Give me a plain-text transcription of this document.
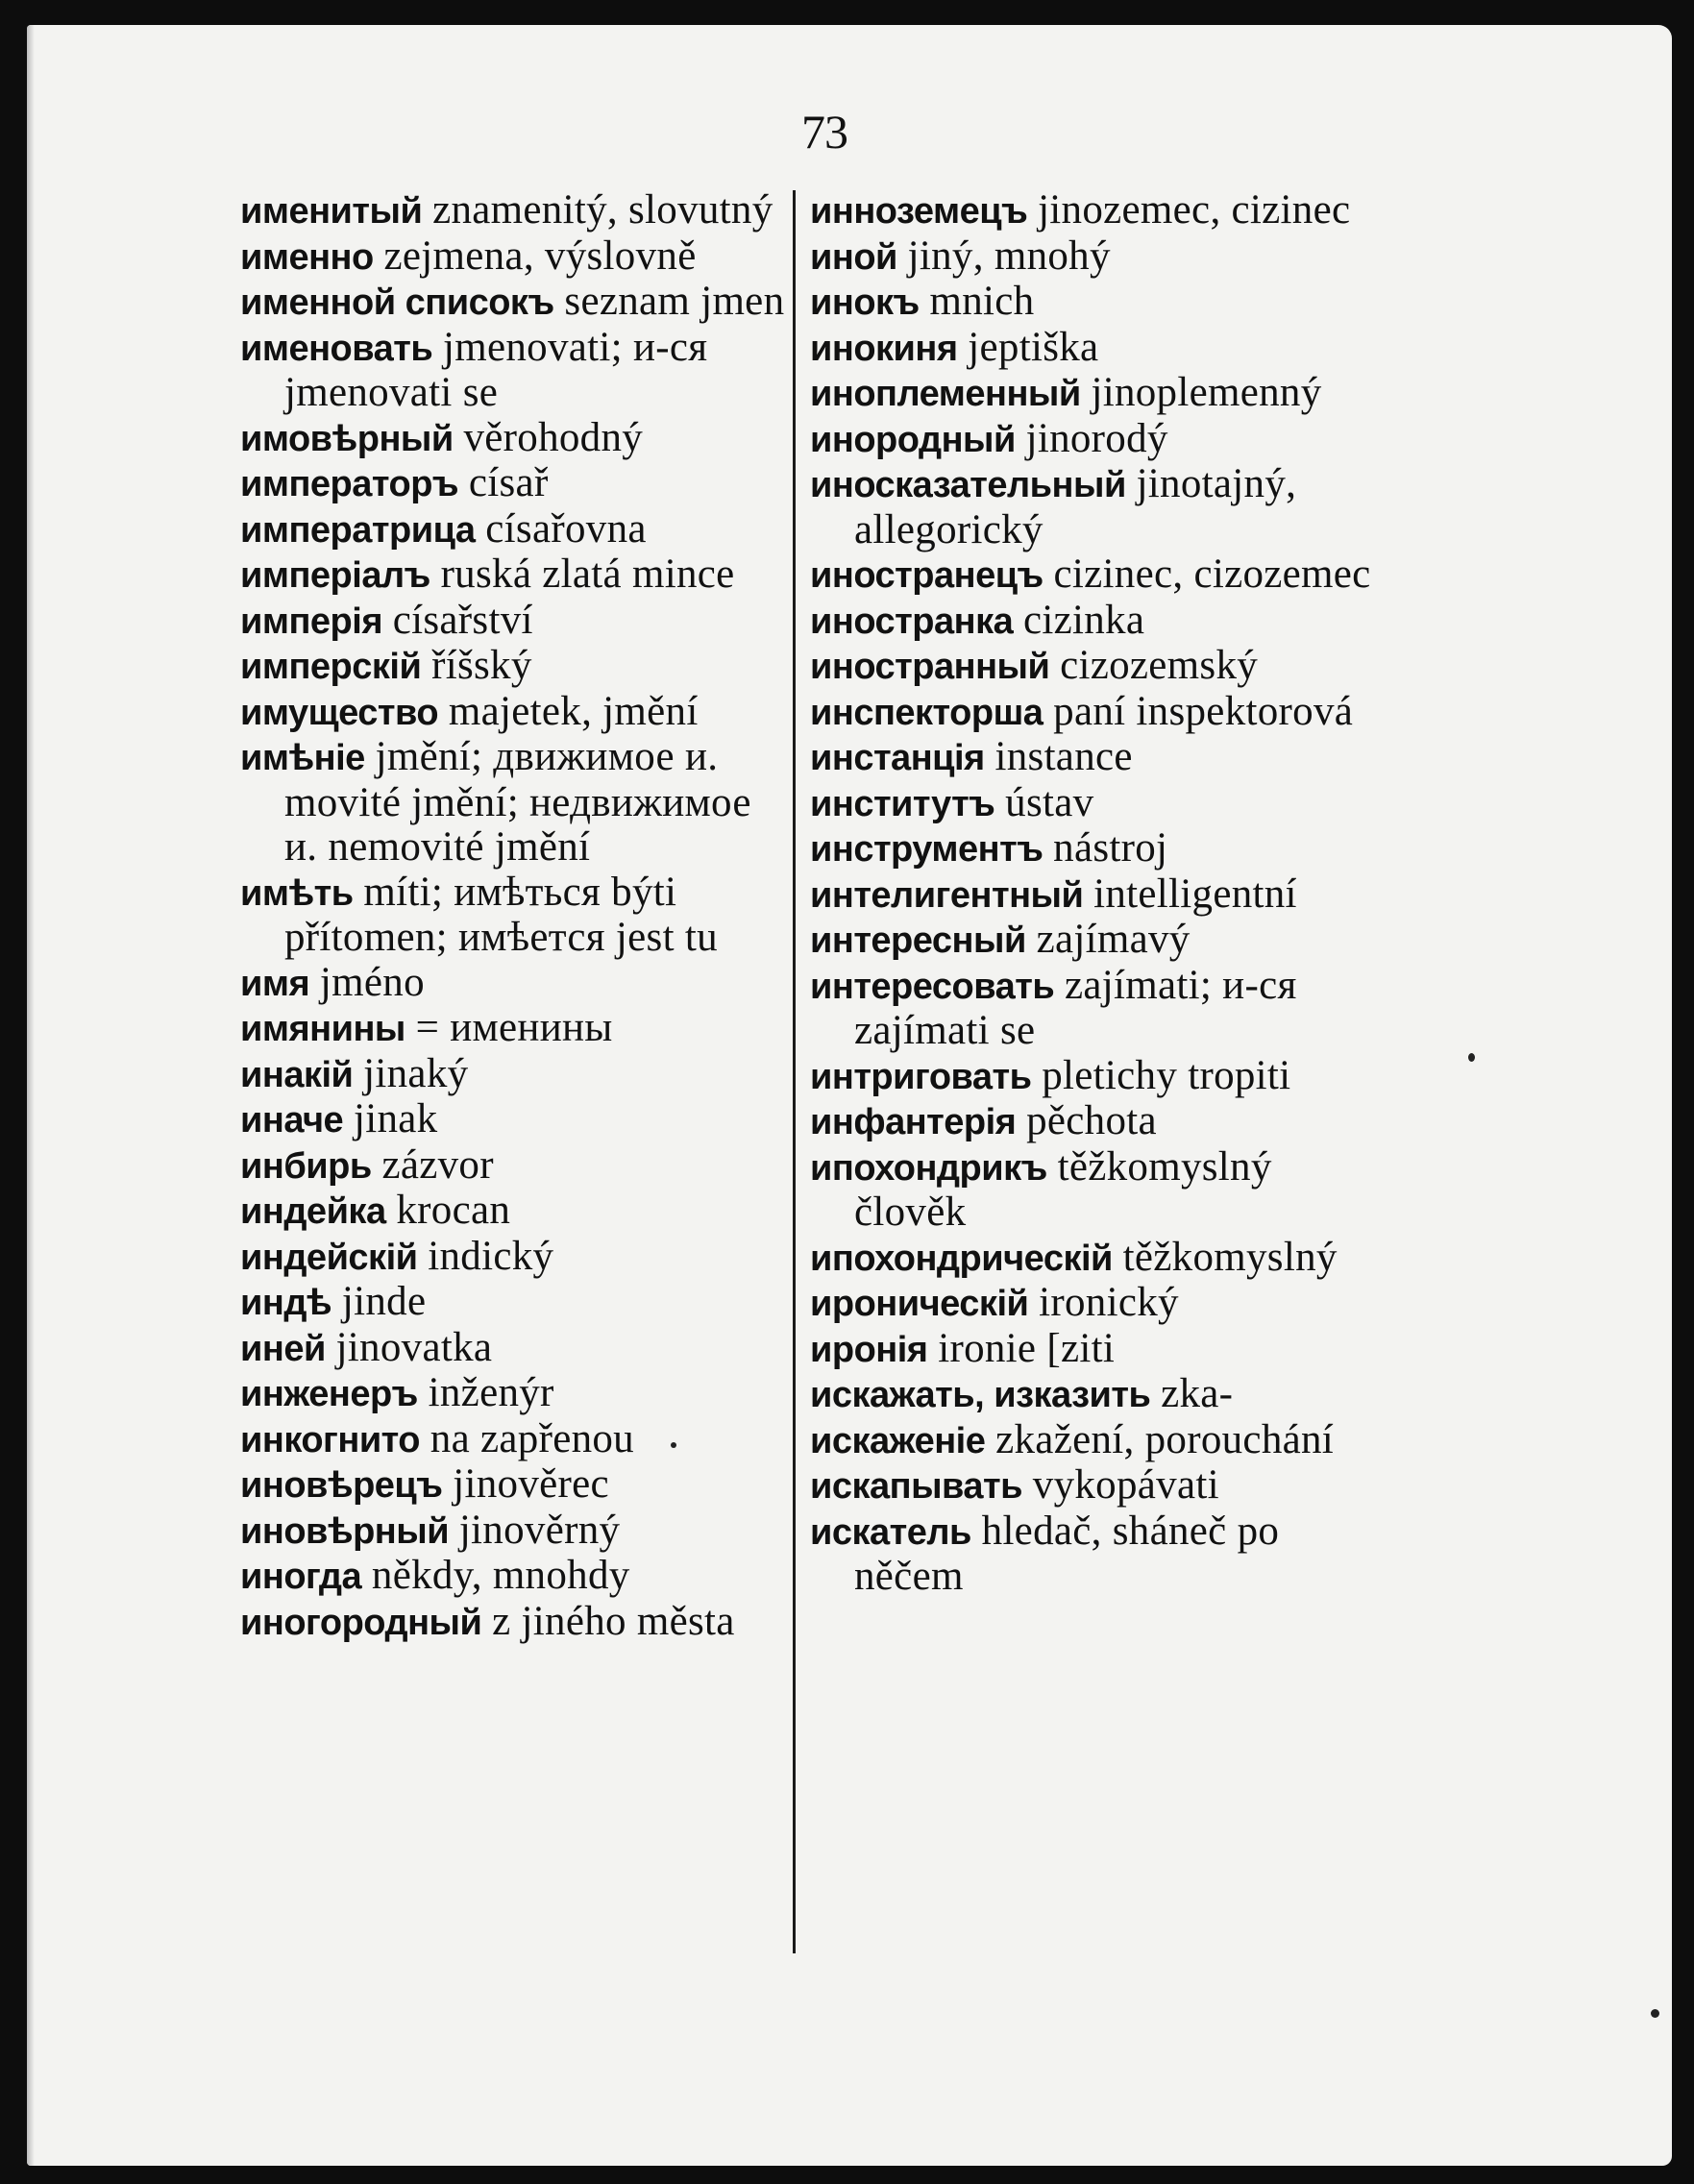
73

именитый znamenitý, slovutný

именно zejmena, výslovně

именной списокъ seznam jmen

именовать jmenovati; и-ся jmenovati se

имовѣрный věrohodný

императоръ císař

императрица císařovna

имперiалъ ruská zlatá mince

имперiя císařství

имперскiй říšský

имущество majetek, jmění

имѣнiе jmění; движимое и. movité jmění; недвижимое и. nemovité jmění

имѣть míti; имѣться býti přítomen; имѣется jest tu

имя jméno

имянины = именины

инакiй jinaký

иначе jinak

инбирь zázvor

индейка krocan

индейскiй indický

индѣ jinde

иней jinovatka

инженеръ inženýr

инкогнито na zapřenou

иновѣрецъ jinověrec

иновѣрный jinověrný

иногда někdy, mnohdy

иногородный z jiného města

инноземецъ jinozemec, cizinec

иной jiný, mnohý

инокъ mnich

инокиня jeptiška

иноплеменный jinoplemenný

инородный jinorodý

иносказательный jinotajný, allegorický

иностранецъ cizinec, cizozemec

иностранка cizinka

иностранный cizozemský

инспекторша paní inspektorová

инстанцiя instance

институтъ ústav

инструментъ nástroj

интелигентный intelligentní

интересный zajímavý

интересовать zajímati; и-ся zajímati se

интриговать pletichy tropiti

инфантерiя pěchota

ипохондрикъ těžkomyslný člověk

ипохондрическiй těžkomyslný

ироническiй ironický

иронiя ironie [ziti

искажать, изказить zka-

искаженiе zkažení, porouchání

искапывать vykopávati

искатель hledač, sháneč po něčem
